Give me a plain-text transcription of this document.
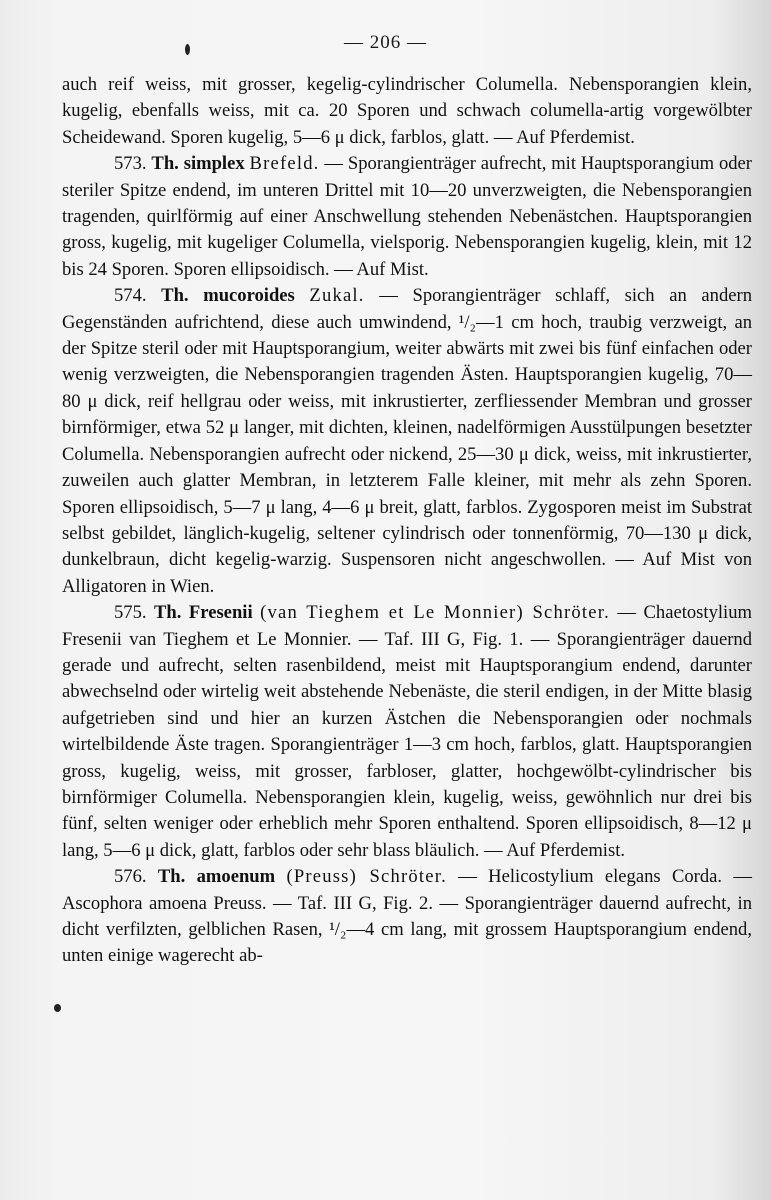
— 206 —

auch reif weiss, mit grosser, kegelig-cylindrischer Columella. Nebensporangien klein, kugelig, ebenfalls weiss, mit ca. 20 Sporen und schwach columella-artig vorgewölbter Scheidewand. Sporen kugelig, 5—6 μ dick, farblos, glatt. — Auf Pferdemist.

573. Th. simplex Brefeld. — Sporangienträger aufrecht, mit Hauptsporangium oder steriler Spitze endend, im unteren Drittel mit 10—20 unverzweigten, die Nebensporangien tragenden, quirlförmig auf einer Anschwellung stehenden Nebenästchen. Hauptsporangien gross, kugelig, mit kugeliger Columella, vielsporig. Nebensporangien kugelig, klein, mit 12 bis 24 Sporen. Sporen ellipsoidisch. — Auf Mist.

574. Th. mucoroides Zukal. — Sporangienträger schlaff, sich an andern Gegenständen aufrichtend, diese auch umwindend, ¹/₂—1 cm hoch, traubig verzweigt, an der Spitze steril oder mit Hauptsporangium, weiter abwärts mit zwei bis fünf einfachen oder wenig verzweigten, die Nebensporangien tragenden Ästen. Hauptsporangien kugelig, 70—80 μ dick, reif hellgrau oder weiss, mit inkrustierter, zerfliessender Membran und grosser birnförmiger, etwa 52 μ langer, mit dichten, kleinen, nadelförmigen Ausstülpungen besetzter Columella. Nebensporangien aufrecht oder nickend, 25—30 μ dick, weiss, mit inkrustierter, zuweilen auch glatter Membran, in letzterem Falle kleiner, mit mehr als zehn Sporen. Sporen ellipsoidisch, 5—7 μ lang, 4—6 μ breit, glatt, farblos. Zygosporen meist im Substrat selbst gebildet, länglich-kugelig, seltener cylindrisch oder tonnenförmig, 70—130 μ dick, dunkelbraun, dicht kegelig-warzig. Suspensoren nicht angeschwollen. — Auf Mist von Alligatoren in Wien.

575. Th. Fresenii (van Tieghem et Le Monnier) Schröter. — Chaetostylium Fresenii van Tieghem et Le Monnier. — Taf. III G, Fig. 1. — Sporangienträger dauernd gerade und aufrecht, selten rasenbildend, meist mit Hauptsporangium endend, darunter abwechselnd oder wirtelig weit abstehende Nebenäste, die steril endigen, in der Mitte blasig aufgetrieben sind und hier an kurzen Ästchen die Nebensporangien oder nochmals wirtelbildende Äste tragen. Sporangienträger 1—3 cm hoch, farblos, glatt. Hauptsporangien gross, kugelig, weiss, mit grosser, farbloser, glatter, hochgewölbt-cylindrischer bis birnförmiger Columella. Nebensporangien klein, kugelig, weiss, gewöhnlich nur drei bis fünf, selten weniger oder erheblich mehr Sporen enthaltend. Sporen ellipsoidisch, 8—12 μ lang, 5—6 μ dick, glatt, farblos oder sehr blass bläulich. — Auf Pferdemist.

576. Th. amoenum (Preuss) Schröter. — Helicostylium elegans Corda. — Ascophora amoena Preuss. — Taf. III G, Fig. 2. — Sporangienträger dauernd aufrecht, in dicht verfilzten, gelblichen Rasen, ¹/₂—4 cm lang, mit grossem Hauptsporangium endend, unten einige wagerecht ab-
